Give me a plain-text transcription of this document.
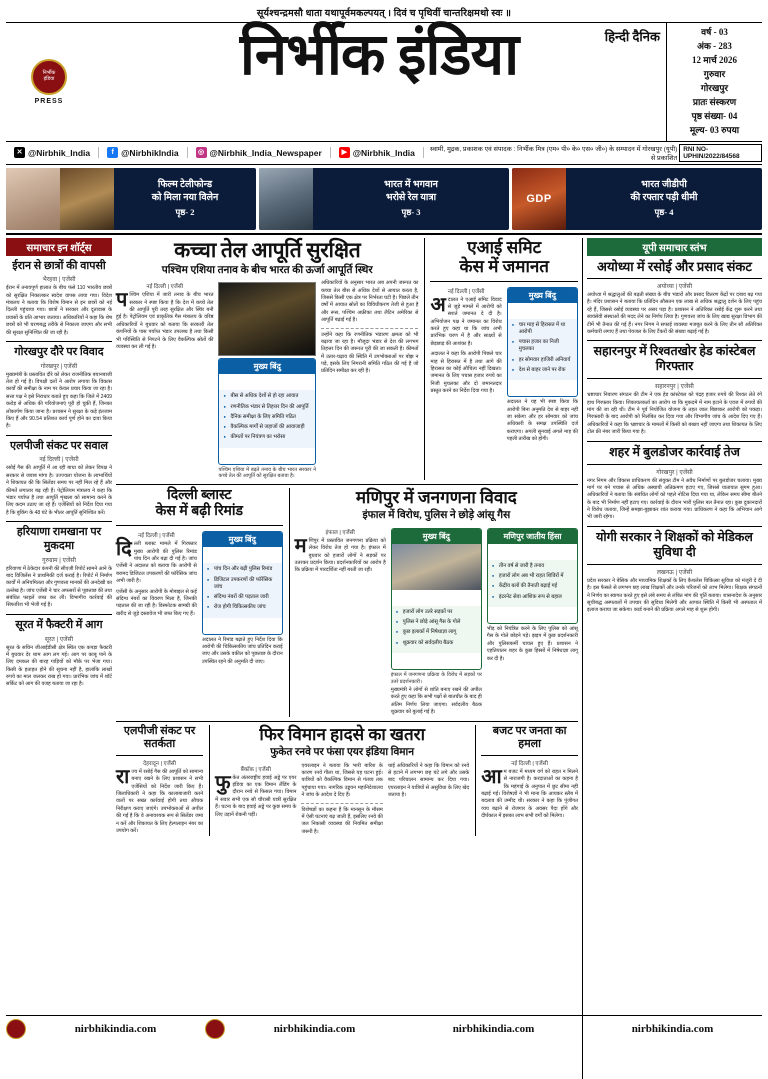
सूर्यश्चन्द्रमसौ धाता यथापूर्वमकल्पयत् । दिवं च पृथिवीं चान्तरिक्षमथो स्वः ॥
निर्भीक
इंडिया
PRESS
हिन्दी दैनिक
निर्भीक इंडिया	वर्ष - 03
अंक - 283
12 मार्च 2026
गुरुवार
गोरखपुर
प्रातः संस्करण
पृष्ठ संख्या- 04
मूल्य- 03 रुपया
✕ @Nirbhik_India	f @NirbhikIndia	◎ @Nirbhik_India_Newspaper	▶ @Nirbhik_India	स्वामी, मुद्रक, प्रकाशक एवं संपादक : निर्भीक मित्र (एम० पी० के० एस० जी०) के सम्पादन में गोरखपुर (यूपी) से प्रकाशित
RNI NO-UPHIN/2022/84568
फिल्म टेलीफोन्ड
को मिला नया विलेन
पृष्ठ- 2
भारत में भगवान
भरोसे रेल यात्रा
पृष्ठ- 3
GDP
भारत जीडीपी
की रफ्तार पड़ी धीमी
पृष्ठ- 4
समाचार इन शॉर्ट्स
ईरान से छात्रों की वापसी
भैरहवा | एजेंसी
ईरान में तनावपूर्ण हालात के बीच फंसे 110 भारतीय छात्रों को सुरक्षित निकालकर स्वदेश वापस लाया गया। विदेश मंत्रालय ने बताया कि विशेष विमान से इन छात्रों को नई दिल्ली पहुंचाया गया। छात्रों ने सरकार और दूतावास के प्रयासों के प्रति आभार जताया। अधिकारियों ने कहा कि शेष छात्रों को भी चरणबद्ध तरीके से निकाला जाएगा और सभी की सुरक्षा सुनिश्चित की जा रही है।
गोरखपुर दौरे पर विवाद
गोरखपुर | एजेंसी
मुख्यमंत्री के प्रस्तावित दौरे को लेकर राजनीतिक बयानबाजी तेज हो गई है। विपक्षी दलों ने आरोप लगाया कि विकास कार्यों की समीक्षा के नाम पर केवल प्रचार किया जा रहा है। सत्ता पक्ष ने इसे निराधार बताते हुए कहा कि जिले में 2409 करोड़ से अधिक की परियोजनाएं पूरी हो चुकी हैं, जिनका लोकार्पण किया जाना है। प्रशासन ने सुरक्षा के कड़े इंतजाम किए हैं और 90.54 प्रतिशत कार्य पूर्ण होने का दावा किया है।
एलपीजी संकट पर सवाल
नई दिल्ली | एजेंसी
रसोई गैस की आपूर्ति में आ रही बाधा को लेकर विपक्ष ने सरकार से जवाब मांगा है। उज्ज्वला योजना के लाभार्थियों ने शिकायत की कि सिलेंडर समय पर नहीं मिल रहे हैं और कीमतें लगातार बढ़ रही हैं। पेट्रोलियम मंत्रालय ने कहा कि भंडार पर्याप्त है तथा आपूर्ति शृंखला को सामान्य करने के लिए कदम उठाए जा रहे हैं। एजेंसियों को निर्देश दिया गया है कि बुकिंग के 48 घंटे के भीतर आपूर्ति सुनिश्चित करें।
हरियाणा रामखाना पर मुकदमा
गुरुग्राम | एजेंसी
हरियाणा में ठेकेदार कंपनी की सीएजी रिपोर्ट सामने आने के बाद विजिलेंस ने प्राथमिकी दर्ज कराई है। रिपोर्ट में निर्माण कार्यों में अनियमितता और गुणवत्ता मानकों की अनदेखी का उल्लेख है। जांच एजेंसी ने चार अफसरों से पूछताछ की तथा संबंधित फाइलें जब्त कर लीं। विभागीय कार्रवाई की सिफारिश भी भेजी गई है।
सूरत में फैक्टरी में आग
सूरत | एजेंसी
सूरत के सचिन जीआईडीसी क्षेत्र स्थित एक कपड़ा फैक्टरी में बुधवार देर शाम आग लग गई। आग पर काबू पाने के लिए दमकल की बारह गाड़ियों को मौके पर भेजा गया। किसी के हताहत होने की सूचना नहीं है, हालांकि लाखों रुपये का माल जलकर राख हो गया। प्रारंभिक जांच में शॉर्ट सर्किट को आग की वजह बताया जा रहा है।
कच्चा तेल आपूर्ति सुरक्षित
पश्चिम एशिया तनाव के बीच भारत की ऊर्जा आपूर्ति स्थिर
नई दिल्ली | एजेंसी
पश्चिम एशिया में जारी तनाव के बीच भारत सरकार ने स्पष्ट किया है कि देश में कच्चे तेल की आपूर्ति पूरी तरह सुरक्षित और स्थिर बनी हुई है। पेट्रोलियम एवं प्राकृतिक गैस मंत्रालय के वरिष्ठ अधिकारियों ने बुधवार को बताया कि सरकारी तेल कंपनियों के पास पर्याप्त भंडार उपलब्ध है तथा किसी भी परिस्थिति से निपटने के लिए वैकल्पिक स्रोतों की व्यवस्था कर ली गई है।
मुख्य बिंदु
● बीस से अधिक देशों से हो रहा आयात
● रणनीतिक भंडार से तिहत्तर दिन की आपूर्ति
● दैनिक समीक्षा के लिए समिति गठित
● वैकल्पिक मार्गों से जहाजों की आवाजाही
● कीमतों पर नियंत्रण का भरोसा
पश्चिम एशिया में बढ़ते तनाव के बीच भारत सरकार ने कच्चे तेल की आपूर्ति को सुरक्षित बताया है।
अधिकारियों के अनुसार भारत अब अपनी जरूरत का कच्चा तेल बीस से अधिक देशों से आयात करता है, जिससे किसी एक क्षेत्र पर निर्भरता घटी है। पिछले तीन वर्षों में आयात स्रोतों का विविधीकरण तेजी से हुआ है और रूस, पश्चिम अफ्रीका तथा लैटिन अमेरिका से आपूर्ति बढ़ाई गई है।
उन्होंने कहा कि रणनीतिक भंडारण क्षमता को भी बढ़ाया जा रहा है। मौजूदा भंडार से देश की लगभग तिहत्तर दिन की जरूरत पूरी की जा सकती है। कीमतों में उतार-चढ़ाव की स्थिति में उपभोक्ताओं पर बोझ न पड़े, इसके लिए निगरानी समिति गठित की गई है जो प्रतिदिन समीक्षा कर रही है।
एआई समिट
केस में जमानत
नई दिल्ली | एजेंसी
अदालत ने एआई समिट विवाद से जुड़े मामले में आरोपी को सशर्त जमानत दे दी है। अभियोजन पक्ष ने जमानत का विरोध करते हुए कहा था कि जांच अभी प्रारंभिक चरण में है और साक्ष्यों से छेड़छाड़ की आशंका है।
अदालत ने कहा कि आरोपी पिछले चार माह से हिरासत में है तथा आगे की हिरासत का कोई औचित्य नहीं दिखता। जमानत के लिए पचास हजार रुपये का निजी मुचलका और दो जमानतदार प्रस्तुत करने का निर्देश दिया गया है।
मुख्य बिंदु
● चार माह से हिरासत में था आरोपी
● पचास हजार का निजी मुचलका
● हर सोमवार हाजिरी अनिवार्य
● देश से बाहर जाने पर रोक
अदालत ने यह भी स्पष्ट किया कि आरोपी बिना अनुमति देश से बाहर नहीं जा सकेगा और हर सोमवार को जांच अधिकारी के समक्ष उपस्थिति दर्ज कराएगा। अगली सुनवाई अगले माह की पहली तारीख को होगी।
दिल्ली ब्लास्ट
केस में बढ़ी रिमांड
नई दिल्ली | एजेंसी
दिल्ली ब्लास्ट मामले में गिरफ्तार मुख्य आरोपी की पुलिस रिमांड पांच दिन और बढ़ा दी गई है। जांच एजेंसी ने अदालत को बताया कि आरोपी से बरामद डिजिटल उपकरणों की फॉरेंसिक जांच अभी जारी है।
एजेंसी के अनुसार आरोपी के मोबाइल से कई संदिग्ध नंबरों का विवरण मिला है, जिनकी पड़ताल की जा रही है। विस्फोटक सामग्री की खरीद से जुड़े दस्तावेज भी जब्त किए गए हैं।
मुख्य बिंदु
● पांच दिन और बढ़ी पुलिस रिमांड
● डिजिटल उपकरणों की फॉरेंसिक जांच
● संदिग्ध नंबरों की पड़ताल जारी
● रोज होगी चिकित्सकीय जांच
अदालत ने रिमांड बढ़ाते हुए निर्देश दिया कि आरोपी की चिकित्सकीय जांच प्रतिदिन कराई जाए और उसके वकील को पूछताछ के दौरान उपस्थित रहने की अनुमति दी जाए।
मणिपुर में जनगणना विवाद
इंफाल में विरोध, पुलिस ने छोड़े आंसू गैस
इंफाल | एजेंसी
मणिपुर में प्रस्तावित जनगणना प्रक्रिया को लेकर विरोध तेज हो गया है। इंफाल में बुधवार को हजारों लोगों ने सड़कों पर उतरकर प्रदर्शन किया। प्रदर्शनकारियों का आरोप है कि प्रक्रिया में पारदर्शिता नहीं बरती जा रही।
मुख्य बिंदु
● हजारों लोग उतरे सड़कों पर
● पुलिस ने छोड़े आंसू गैस के गोले
● कुछ इलाकों में निषेधाज्ञा लागू
● शुक्रवार को सर्वदलीय बैठक
इंफाल में जनगणना प्रक्रिया के विरोध में सड़कों पर उतरे प्रदर्शनकारी।
मुख्यमंत्री ने लोगों से शांति बनाए रखने की अपील करते हुए कहा कि सभी पक्षों से बातचीत के बाद ही अंतिम निर्णय लिया जाएगा। सर्वदलीय बैठक शुक्रवार को बुलाई गई है।
मणिपुर जातीय हिंसा
● तीन वर्ष से जारी है तनाव
● हजारों लोग अब भी राहत शिविरों में
● केंद्रीय बलों की तैनाती बढ़ाई गई
● इंटरनेट सेवा आंशिक रूप से बहाल
भीड़ को नियंत्रित करने के लिए पुलिस को आंसू गैस के गोले छोड़ने पड़े। झड़प में कुछ प्रदर्शनकारी और पुलिसकर्मी घायल हुए हैं। प्रशासन ने एहतियातन शहर के कुछ हिस्सों में निषेधाज्ञा लागू कर दी है।
एलपीजी संकट पर सतर्कता
देहरादून | एजेंसी
राज्य में रसोई गैस की आपूर्ति को सामान्य बनाए रखने के लिए प्रशासन ने सभी एजेंसियों को निर्देश जारी किए हैं। जिलाधिकारी ने कहा कि कालाबाजारी करने वालों पर सख्त कार्रवाई होगी तथा औचक निरीक्षण कराए जाएंगे। उपभोक्ताओं से अपील की गई है कि वे अनावश्यक रूप से सिलेंडर जमा न करें और शिकायत के लिए हेल्पलाइन नंबर का उपयोग करें।
फिर विमान हादसे का खतरा
फुकेत रनवे पर फंसा एयर इंडिया विमान
बैंकॉक | एजेंसी
फुकेत अंतरराष्ट्रीय हवाई अड्डे पर एयर इंडिया का एक विमान लैंडिंग के दौरान रनवे से फिसल गया। विमान में सवार सभी एक सौ चौरासी यात्री सुरक्षित हैं। घटना के बाद हवाई अड्डे पर कुछ समय के लिए उड़ानें रोकनी पड़ीं।
एयरलाइन ने बताया कि भारी बारिश के कारण रनवे गीला था, जिससे यह घटना हुई। यात्रियों को वैकल्पिक विमान से गंतव्य तक पहुंचाया गया। नागरिक उड्डयन महानिदेशालय ने जांच के आदेश दे दिए हैं।
विशेषज्ञों का कहना है कि मानसून के मौसम में ऐसी घटनाएं बढ़ जाती हैं, इसलिए रनवे की जल निकासी व्यवस्था की नियमित समीक्षा जरूरी है।
थाई अधिकारियों ने कहा कि विमान को रनवे से हटाने में लगभग छह घंटे लगे और उसके बाद परिचालन सामान्य कर दिया गया। एयरलाइन ने यात्रियों से असुविधा के लिए खेद जताया है।
बजट पर जनता का हमला
नई दिल्ली | एजेंसी
आम बजट में मध्यम वर्ग को राहत न मिलने से नाराजगी है। करदाताओं का कहना है कि महंगाई के अनुपात में छूट सीमा नहीं बढ़ाई गई। विशेषज्ञों ने भी माना कि आयकर स्लैब में बदलाव की उम्मीद थी। सरकार ने कहा कि पूंजीगत व्यय बढ़ाने से रोजगार के अवसर पैदा होंगे और दीर्घकाल में इसका लाभ सभी वर्गों को मिलेगा।
यूपी समाचार स्तंभ
अयोध्या में रसोई और प्रसाद संकट
अयोध्या | एजेंसी
अयोध्या में श्रद्धालुओं की बढ़ती संख्या के बीच भंडारों और प्रसाद वितरण केंद्रों पर दबाव बढ़ गया है। मंदिर प्रशासन ने बताया कि प्रतिदिन औसतन एक लाख से अधिक श्रद्धालु दर्शन के लिए पहुंच रहे हैं, जिससे रसोई व्यवस्था पर असर पड़ा है। प्रशासन ने अतिरिक्त रसोई केंद्र शुरू करने तथा स्वयंसेवी संस्थाओं की मदद लेने का निर्णय लिया है। गुणवत्ता जांच के लिए खाद्य सुरक्षा विभाग की टीमें भी तैनात की गई हैं। नगर निगम ने सफाई व्यवस्था मजबूत करने के लिए तीन सौ अतिरिक्त कर्मचारी लगाए हैं तथा पेयजल के लिए टैंकरों की संख्या बढ़ाई गई है।
सहारनपुर में रिश्वतखोर हेड कांस्टेबल गिरफ्तार
सहारनपुर | एजेंसी
भ्रष्टाचार निवारण संगठन की टीम ने एक हेड कांस्टेबल को पंद्रह हजार रुपये की रिश्वत लेते रंगे हाथ गिरफ्तार किया। शिकायतकर्ता का आरोप था कि मुकदमे में नाम हटाने के एवज में रुपयों की मांग की जा रही थी। टीम ने पूर्व नियोजित योजना के तहत जाल बिछाकर आरोपी को पकड़ा। गिरफ्तारी के बाद आरोपी को निलंबित कर दिया गया और विभागीय जांच के आदेश दिए गए हैं। अधिकारियों ने कहा कि भ्रष्टाचार के मामलों में किसी को बख्शा नहीं जाएगा तथा शिकायत के लिए टोल फ्री नंबर जारी किया गया है।
शहर में बुलडोजर कार्रवाई तेज
गोरखपुर | एजेंसी
नगर निगम और विकास प्राधिकरण की संयुक्त टीम ने अवैध निर्माणों पर बुलडोजर चलाया। मुख्य मार्ग पर बने पचास से अधिक अस्थायी अतिक्रमण हटाए गए, जिससे यातायात सुगम हुआ। अधिकारियों ने बताया कि संबंधित लोगों को पहले नोटिस दिया गया था, लेकिन समय सीमा बीतने के बाद भी निर्माण नहीं हटाए गए। कार्रवाई के दौरान भारी पुलिस बल तैनात रहा। कुछ दुकानदारों ने विरोध जताया, जिन्हें समझा-बुझाकर शांत कराया गया। प्राधिकरण ने कहा कि अभियान आगे भी जारी रहेगा।
योगी सरकार ने शिक्षकों को मेडिकल सुविधा दी
लखनऊ | एजेंसी
प्रदेश सरकार ने बेसिक और माध्यमिक शिक्षकों के लिए कैशलेस चिकित्सा सुविधा को मंजूरी दे दी है। इस फैसले से लगभग छह लाख शिक्षकों और उनके परिजनों को लाभ मिलेगा। शिक्षक संगठनों ने निर्णय का स्वागत करते हुए इसे लंबे समय से लंबित मांग की पूर्ति बताया। शासनादेश के अनुसार सूचीबद्ध अस्पतालों में उपचार की सुविधा मिलेगी और आपात स्थिति में किसी भी अस्पताल में इलाज कराया जा सकेगा। कार्ड बनाने की प्रक्रिया अगले माह से शुरू होगी।
nirbhikindia.com	nirbhikindia.com	nirbhikindia.com	nirbhikindia.com
